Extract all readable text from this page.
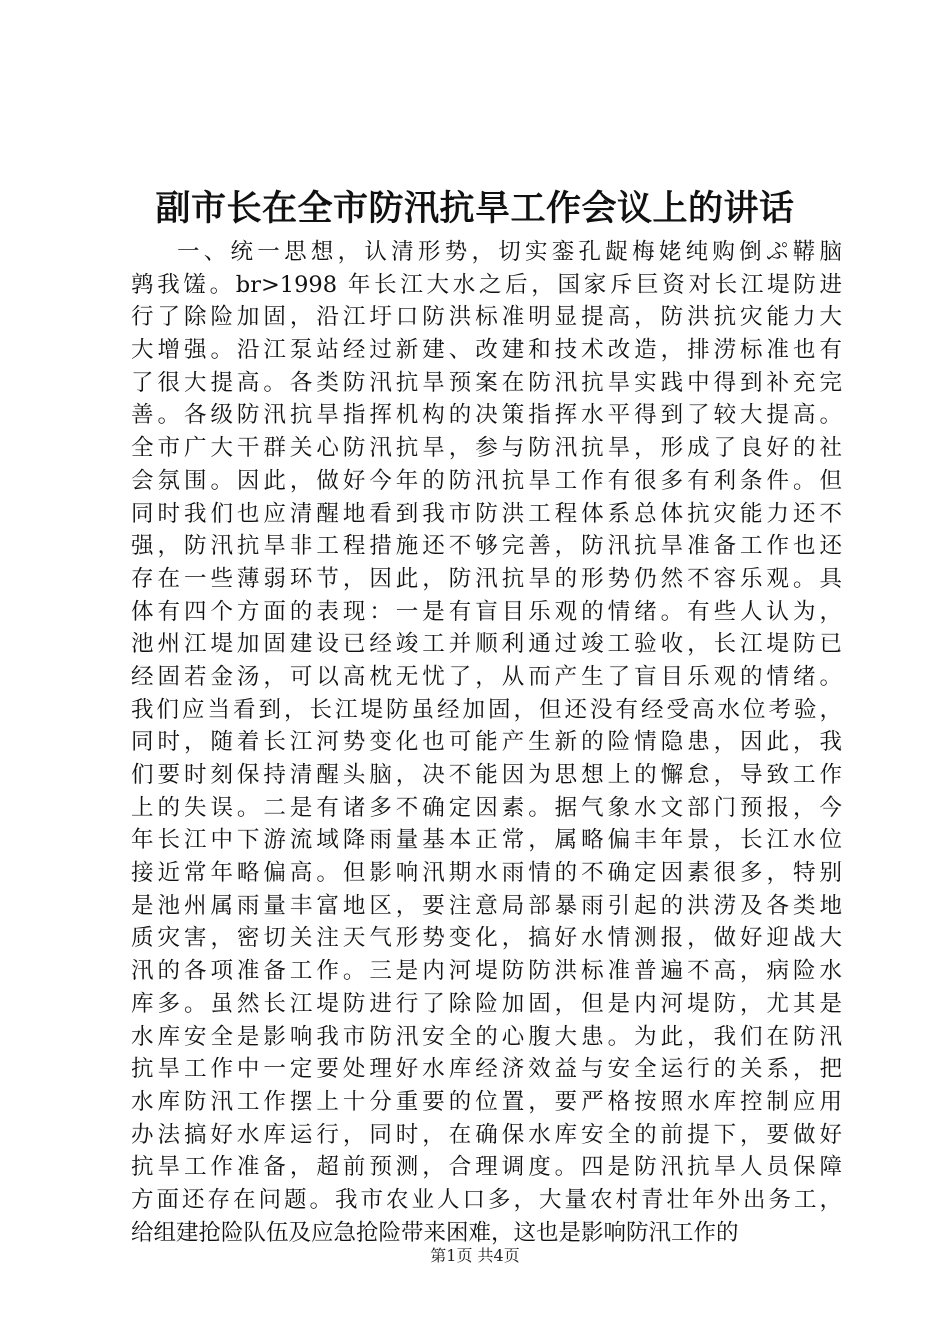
副市长在全市防汛抗旱工作会议上的讲话
一、统一思想，认清形势，切实銮孔龊梅姥纯购倒ぷ鞯脑
鹑我馐。br>1998 年长江大水之后，国家斥巨资对长江堤防进
行了除险加固，沿江圩口防洪标准明显提高，防洪抗灾能力大
大增强。沿江泵站经过新建、改建和技术改造，排涝标准也有
了很大提高。各类防汛抗旱预案在防汛抗旱实践中得到补充完
善。各级防汛抗旱指挥机构的决策指挥水平得到了较大提高。
全市广大干群关心防汛抗旱，参与防汛抗旱，形成了良好的社
会氛围。因此，做好今年的防汛抗旱工作有很多有利条件。但
同时我们也应清醒地看到我市防洪工程体系总体抗灾能力还不
强，防汛抗旱非工程措施还不够完善，防汛抗旱准备工作也还
存在一些薄弱环节，因此，防汛抗旱的形势仍然不容乐观。具
体有四个方面的表现：一是有盲目乐观的情绪。有些人认为，
池州江堤加固建设已经竣工并顺利通过竣工验收，长江堤防已
经固若金汤，可以高枕无忧了，从而产生了盲目乐观的情绪。
我们应当看到，长江堤防虽经加固，但还没有经受高水位考验，
同时，随着长江河势变化也可能产生新的险情隐患，因此，我
们要时刻保持清醒头脑，决不能因为思想上的懈怠，导致工作
上的失误。二是有诸多不确定因素。据气象水文部门预报，今
年长江中下游流域降雨量基本正常，属略偏丰年景，长江水位
接近常年略偏高。但影响汛期水雨情的不确定因素很多，特别
是池州属雨量丰富地区，要注意局部暴雨引起的洪涝及各类地
质灾害，密切关注天气形势变化，搞好水情测报，做好迎战大
汛的各项准备工作。三是内河堤防防洪标准普遍不高，病险水
库多。虽然长江堤防进行了除险加固，但是内河堤防，尤其是
水库安全是影响我市防汛安全的心腹大患。为此，我们在防汛
抗旱工作中一定要处理好水库经济效益与安全运行的关系，把
水库防汛工作摆上十分重要的位置，要严格按照水库控制应用
办法搞好水库运行，同时，在确保水库安全的前提下，要做好
抗旱工作准备，超前预测，合理调度。四是防汛抗旱人员保障
方面还存在问题。我市农业人口多，大量农村青壮年外出务工，
给组建抢险队伍及应急抢险带来困难，这也是影响防汛工作的
第1页 共4页
